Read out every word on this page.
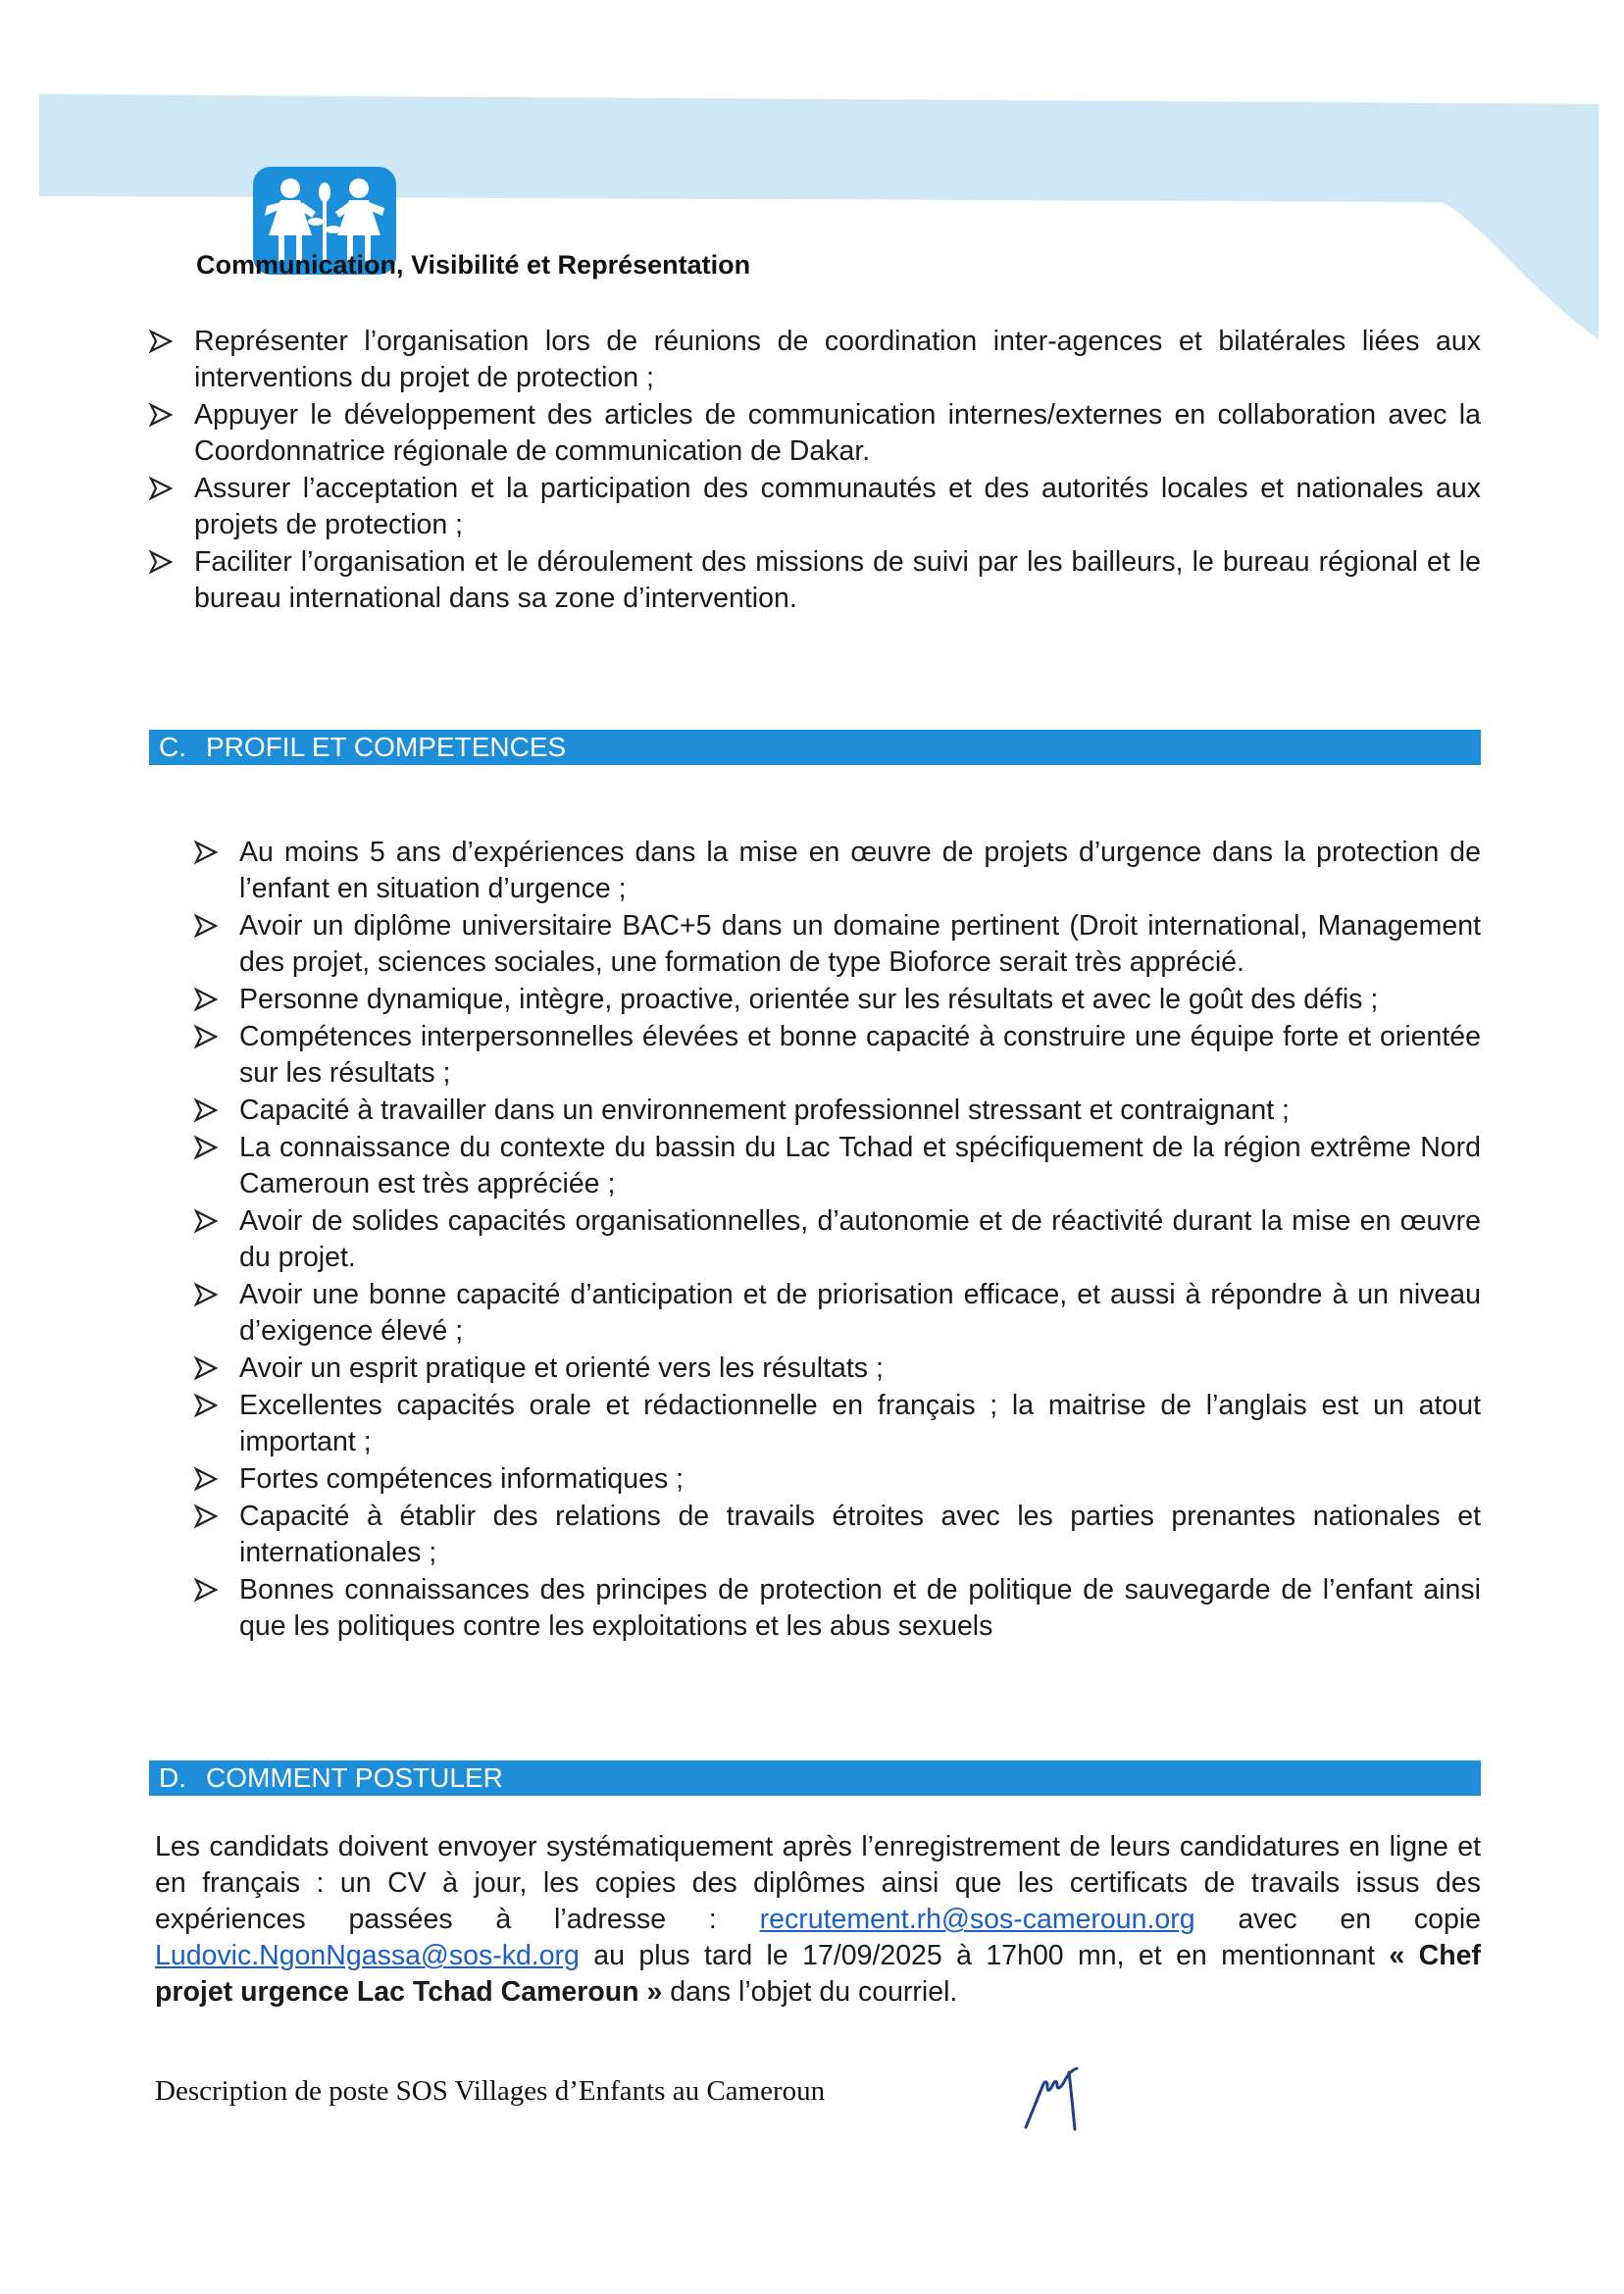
Communication, Visibilité et Représentation
Représenter l’organisation lors de réunions de coordination inter-agences et bilatérales liées aux interventions du projet de protection ;
Appuyer le développement des articles de communication internes/externes en collaboration avec la Coordonnatrice régionale de communication de Dakar.
Assurer l’acceptation et la participation des communautés et des autorités locales et nationales aux projets de protection ;
Faciliter l’organisation et le déroulement des missions de suivi par les bailleurs, le bureau régional et le bureau international dans sa zone d’intervention.
C. PROFIL ET COMPETENCES
Au moins 5 ans d’expériences dans la mise en œuvre de projets d’urgence dans la protection de l’enfant en situation d’urgence ;
Avoir un diplôme universitaire BAC+5 dans un domaine pertinent (Droit international, Management des projet, sciences sociales, une formation de type Bioforce serait très apprécié.
Personne dynamique, intègre, proactive, orientée sur les résultats et avec le goût des défis ;
Compétences interpersonnelles élevées et bonne capacité à construire une équipe forte et orientée sur les résultats ;
Capacité à travailler dans un environnement professionnel stressant et contraignant ;
La connaissance du contexte du bassin du Lac Tchad et spécifiquement de la région extrême Nord Cameroun est très appréciée ;
Avoir de solides capacités organisationnelles, d’autonomie et de réactivité durant la mise en œuvre du projet.
Avoir une bonne capacité d’anticipation et de priorisation efficace, et aussi à répondre à un niveau d’exigence élevé ;
Avoir un esprit pratique et orienté vers les résultats ;
Excellentes capacités orale et rédactionnelle en français ; la maitrise de l’anglais est un atout important ;
Fortes compétences informatiques ;
Capacité à établir des relations de travails étroites avec les parties prenantes nationales et internationales ;
Bonnes connaissances des principes de protection et de politique de sauvegarde de l’enfant ainsi que les politiques contre les exploitations et les abus sexuels
D. COMMENT POSTULER
Les candidats doivent envoyer systématiquement après l’enregistrement de leurs candidatures en ligne et en français : un CV à jour, les copies des diplômes ainsi que les certificats de travails issus des expériences passées à l’adresse : recrutement.rh@sos-cameroun.org avec en copie Ludovic.NgonNgassa@sos-kd.org au plus tard le 17/09/2025 à 17h00 mn, et en mentionnant « Chef projet urgence Lac Tchad Cameroun » dans l’objet du courriel.
Description de poste SOS Villages d’Enfants au Cameroun
